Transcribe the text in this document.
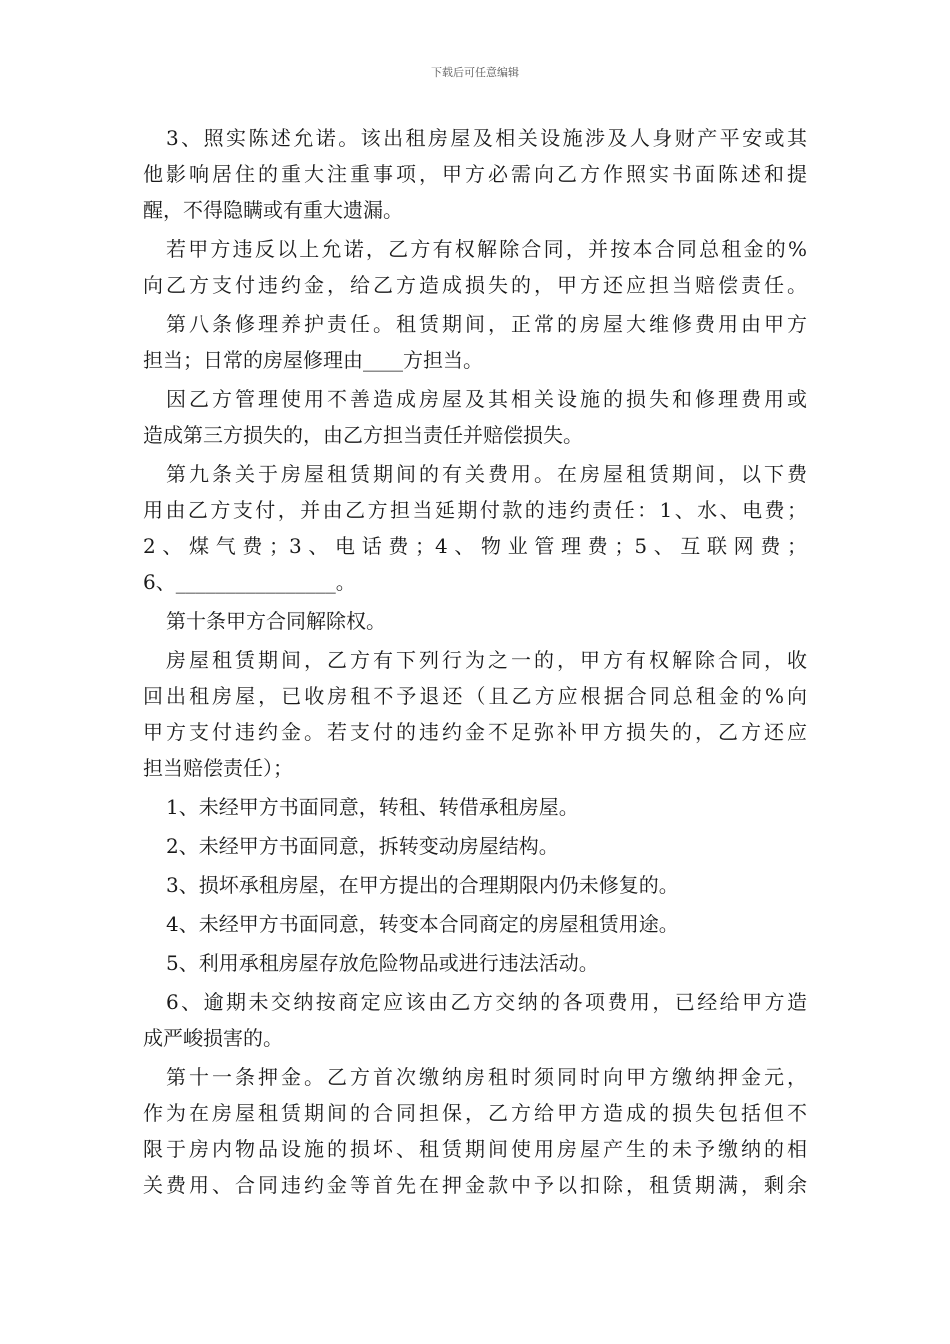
下载后可任意编辑
3、照实陈述允诺。该出租房屋及相关设施涉及人身财产平安或其
他影响居住的重大注重事项，甲方必需向乙方作照实书面陈述和提
醒，不得隐瞒或有重大遗漏。
若甲方违反以上允诺，乙方有权解除合同，并按本合同总租金的%
向乙方支付违约金，给乙方造成损失的，甲方还应担当赔偿责任。
第八条修理养护责任。租赁期间，正常的房屋大维修费用由甲方
担当；日常的房屋修理由____方担当。
因乙方管理使用不善造成房屋及其相关设施的损失和修理费用或
造成第三方损失的，由乙方担当责任并赔偿损失。
第九条关于房屋租赁期间的有关费用。在房屋租赁期间，以下费
用由乙方支付，并由乙方担当延期付款的违约责任：1、水、电费；
2、煤气费；3、电话费；4、物业管理费；5、互联网费；
6、________________。
第十条甲方合同解除权。
房屋租赁期间，乙方有下列行为之一的，甲方有权解除合同，收
回出租房屋，已收房租不予退还（且乙方应根据合同总租金的%向
甲方支付违约金。若支付的违约金不足弥补甲方损失的，乙方还应
担当赔偿责任）；
1、未经甲方书面同意，转租、转借承租房屋。
2、未经甲方书面同意，拆转变动房屋结构。
3、损坏承租房屋，在甲方提出的合理期限内仍未修复的。
4、未经甲方书面同意，转变本合同商定的房屋租赁用途。
5、利用承租房屋存放危险物品或进行违法活动。
6、逾期未交纳按商定应该由乙方交纳的各项费用，已经给甲方造
成严峻损害的。
第十一条押金。乙方首次缴纳房租时须同时向甲方缴纳押金元，
作为在房屋租赁期间的合同担保，乙方给甲方造成的损失包括但不
限于房内物品设施的损坏、租赁期间使用房屋产生的未予缴纳的相
关费用、合同违约金等首先在押金款中予以扣除，租赁期满，剩余
